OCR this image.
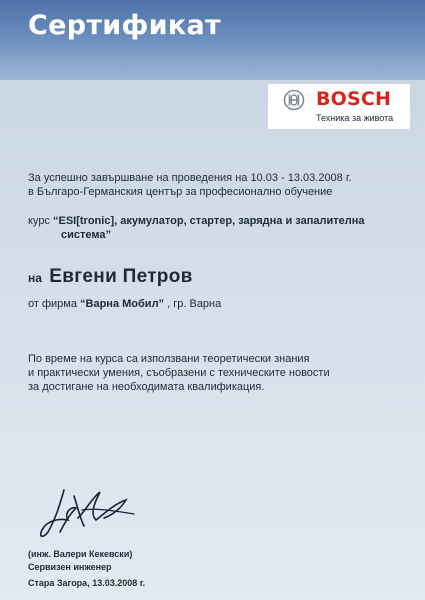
Сертификат
BOSCH
Техника за живота
За успешно завършване на проведения на 10.03 - 13.03.2008 г.
в Българо-Германския център за професионално обучение
курс “ESI[tronic], акумулатор, стартер, зарядна и запалителна
система”
на Евгени Петров
от фирма “Варна Мобил” , гр. Варна
По време на курса са използвани теоретически знания
и практически умения, съобразени с техническите новости
за достигане на необходимата квалификация.
(инж. Валери Кекевски)
Сервизен инженер
Стара Загора, 13.03.2008 г.
